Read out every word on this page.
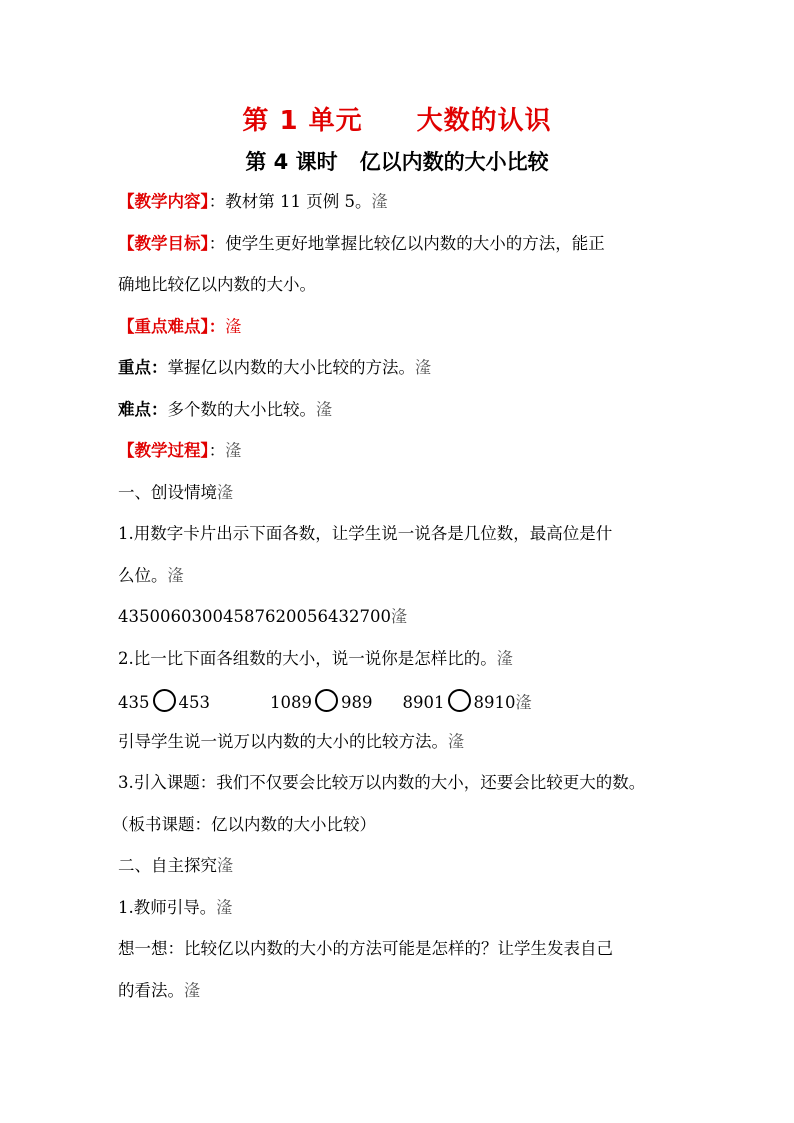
第 1 单元 大数的认识
第 4 课时 亿以内数的大小比较
【教学内容】：教材第 11 页例 5。湰
【教学目标】：使学生更好地掌握比较亿以内数的大小的方法，能正
确地比较亿以内数的大小。
【重点难点】：湰
重点：掌握亿以内数的大小比较的方法。湰
难点：多个数的大小比较。湰
【教学过程】：湰
一、创设情境湰
1.用数字卡片出示下面各数，让学生说一说各是几位数，最高位是什
么位。湰
43500603004587620056432700湰
2.比一比下面各组数的大小，说一说你是怎样比的。湰
435 453	1089 989 8901 8910湰
引导学生说一说万以内数的大小的比较方法。湰
3.引入课题：我们不仅要会比较万以内数的大小，还要会比较更大的数。
（板书课题：亿以内数的大小比较）
二、自主探究湰
1.教师引导。湰
想一想：比较亿以内数的大小的方法可能是怎样的？让学生发表自己
的看法。湰
